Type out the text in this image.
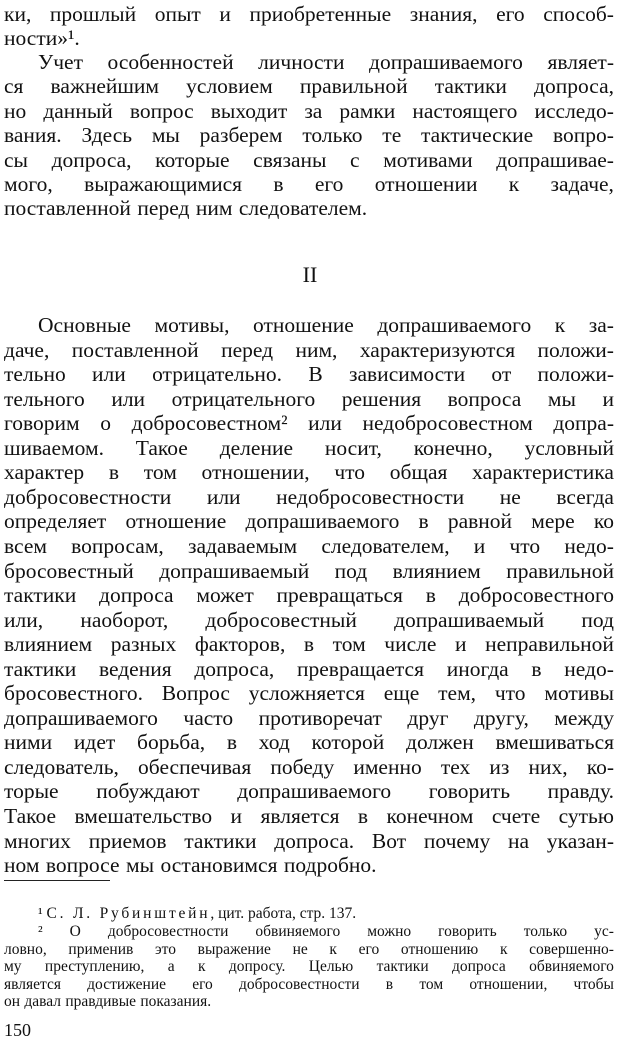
ки, прошлый опыт и приобретенные знания, его способ-
ности»¹.
Учет особенностей личности допрашиваемого являет-
ся важнейшим условием правильной тактики допроса,
но данный вопрос выходит за рамки настоящего исследо-
вания. Здесь мы разберем только те тактические вопро-
сы допроса, которые связаны с мотивами допрашивае-
мого, выражающимися в его отношении к задаче,
поставленной перед ним следователем.
II
Основные мотивы, отношение допрашиваемого к за-
даче, поставленной перед ним, характеризуются положи-
тельно или отрицательно. В зависимости от положи-
тельного или отрицательного решения вопроса мы и
говорим о добросовестном² или недобросовестном допра-
шиваемом. Такое деление носит, конечно, условный
характер в том отношении, что общая характеристика
добросовестности или недобросовестности не всегда
определяет отношение допрашиваемого в равной мере ко
всем вопросам, задаваемым следователем, и что недо-
бросовестный допрашиваемый под влиянием правильной
тактики допроса может превращаться в добросовестного
или, наоборот, добросовестный допрашиваемый под
влиянием разных факторов, в том числе и неправильной
тактики ведения допроса, превращается иногда в недо-
бросовестного. Вопрос усложняется еще тем, что мотивы
допрашиваемого часто противоречат друг другу, между
ними идет борьба, в ход которой должен вмешиваться
следователь, обеспечивая победу именно тех из них, ко-
торые побуждают допрашиваемого говорить правду.
Такое вмешательство и является в конечном счете сутью
многих приемов тактики допроса. Вот почему на указан-
ном вопросе мы остановимся подробно.
¹
С. Л. Рубинштейн , цит. работа, стр. 137.
² О добросовестности обвиняемого можно говорить только ус-
ловно, применив это выражение не к его отношению к совершенно-
му преступлению, а к допросу. Целью тактики допроса обвиняемого
является достижение его добросовестности в том отношении, чтобы
он давал правдивые показания.
150
